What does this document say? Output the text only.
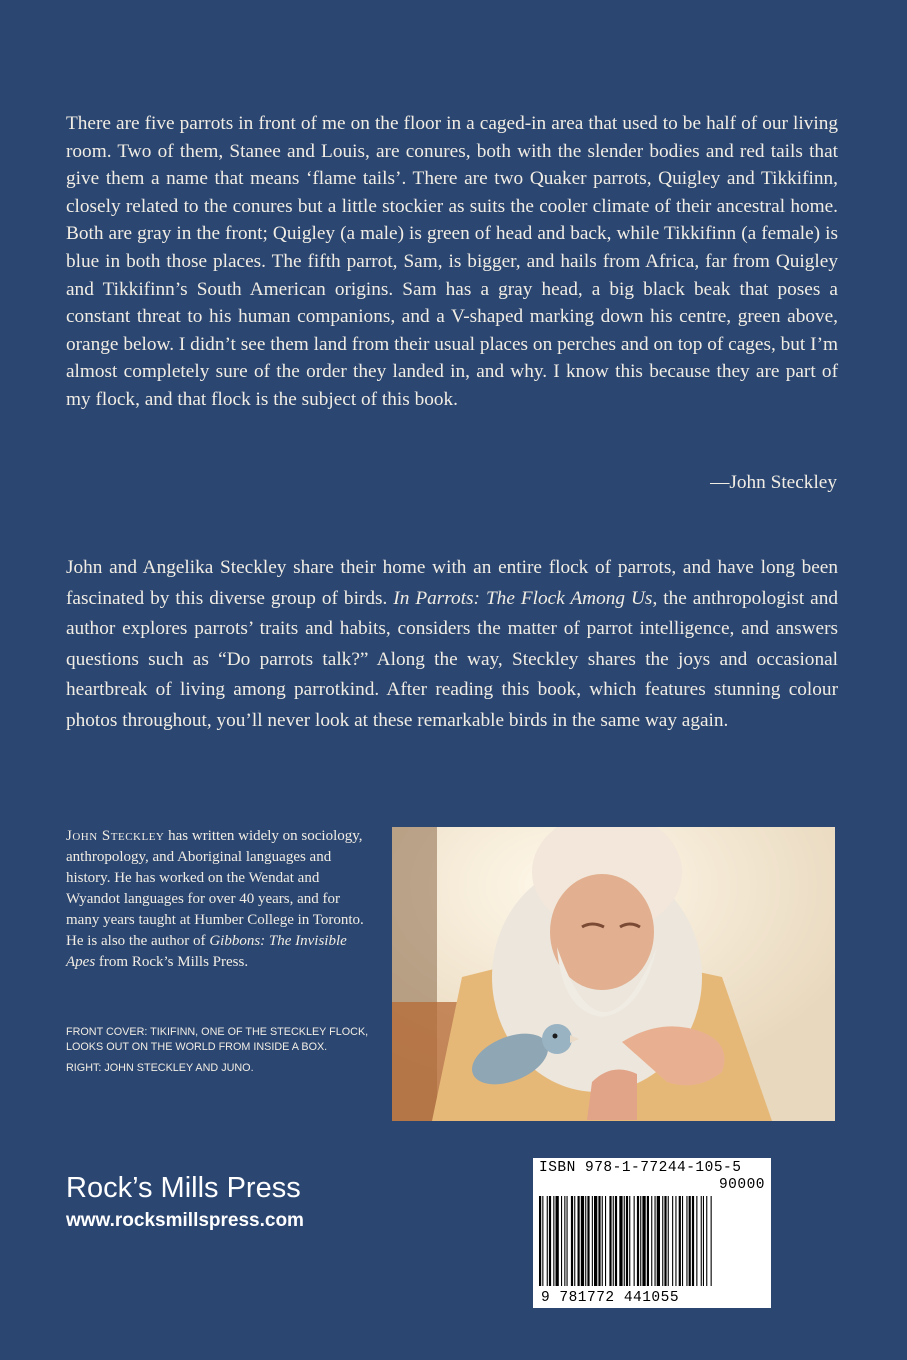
There are five parrots in front of me on the floor in a caged-in area that used to be half of our living room. Two of them, Stanee and Louis, are conures, both with the slender bodies and red tails that give them a name that means ‘flame tails’. There are two Quaker parrots, Quigley and Tikkifinn, closely related to the conures but a little stockier as suits the cooler climate of their ancestral home. Both are gray in the front; Quigley (a male) is green of head and back, while Tikkifinn (a female) is blue in both those places. The fifth parrot, Sam, is bigger, and hails from Africa, far from Quigley and Tikkifinn’s South American origins. Sam has a gray head, a big black beak that poses a constant threat to his human companions, and a V-shaped marking down his centre, green above, orange below. I didn’t see them land from their usual places on perches and on top of cages, but I’m almost completely sure of the order they landed in, and why. I know this because they are part of my flock, and that flock is the subject of this book.

—John Steckley

John and Angelika Steckley share their home with an entire flock of parrots, and have long been fascinated by this diverse group of birds. In Parrots: The Flock Among Us, the anthropologist and author explores parrots’ traits and habits, considers the matter of parrot intelligence, and answers questions such as “Do parrots talk?” Along the way, Steckley shares the joys and occasional heartbreak of living among parrotkind. After reading this book, which features stunning colour photos throughout, you’ll never look at these remarkable birds in the same way again.

John Steckley has written widely on sociology, anthropology, and Aboriginal languages and history. He has worked on the Wendat and Wyandot languages for over 40 years, and for many years taught at Humber College in Toronto. He is also the author of Gibbons: The Invisible Apes from Rock’s Mills Press.

FRONT COVER: TIKIFINN, ONE OF THE STECKLEY FLOCK, LOOKS OUT ON THE WORLD FROM INSIDE A BOX.

RIGHT: JOHN STECKLEY AND JUNO.

Rock’s Mills Press

www.rocksmillspress.com

ISBN 978-1-77244-105-5
90000
9 781772 441055
